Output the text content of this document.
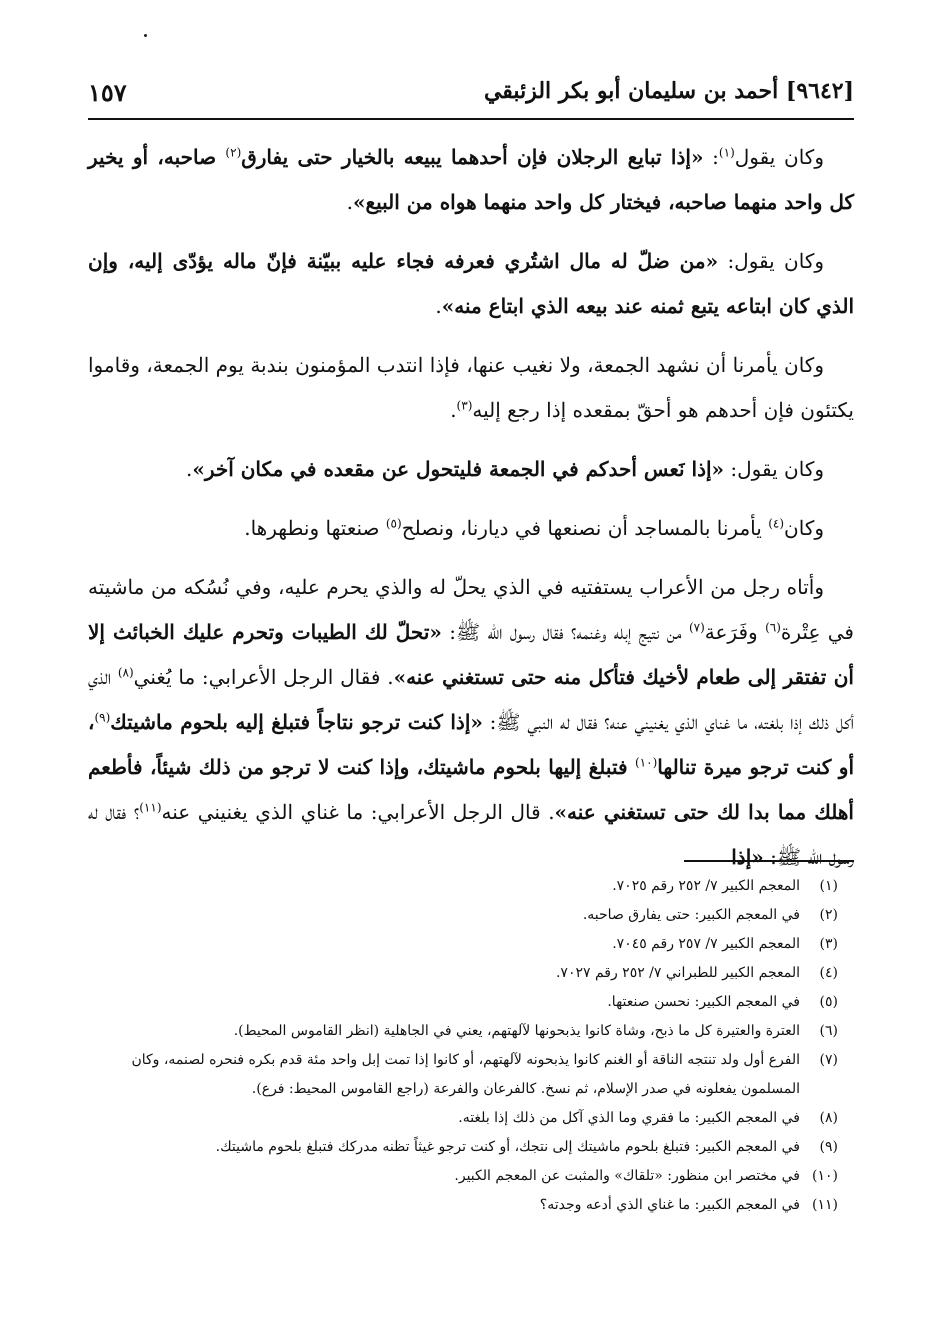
[٩٦٤٢] أحمد بن سليمان أبو بكر الزئبقي
١٥٧

وكان يقول$^{(١)}$: «إذا تبايع الرجلان فإن أحدهما يبيعه بالخيار حتى يفارق$^{(٢)}$ صاحبه، أو يخير كل واحد منهما صاحبه، فيختار كل واحد منهما هواه من البيع».

وكان يقول: «من ضلّ له مال اشتُري فعرفه فجاء عليه ببيّنة فإنّ ماله يؤدّى إليه، وإن الذي كان ابتاعه يتبع ثمنه عند بيعه الذي ابتاع منه».

وكان يأمرنا أن نشهد الجمعة، ولا نغيب عنها، فإذا انتدب المؤمنون بندبة يوم الجمعة، وقاموا يكتئون فإن أحدهم هو أحقّ بمقعده إذا رجع إليه$^{(٣)}$.

وكان يقول: «إذا نَعس أحدكم في الجمعة فليتحول عن مقعده في مكان آخر».

وكان$^{(٤)}$ يأمرنا بالمساجد أن نصنعها في ديارنا، ونصلح$^{(٥)}$ صنعتها ونطهرها.

وأتاه رجل من الأعراب يستفتيه في الذي يحلّ له والذي يحرم عليه، وفي نُسُكه من ماشيته في عِتْرة$^{(٦)}$ وفَرَعة$^{(٧)}$ من نتيج إبله وغنمه؟ فقال رسول الله ﷺ: «تحلّ لك الطيبات وتحرم عليك الخبائث إلا أن تفتقر إلى طعام لأخيك فتأكل منه حتى تستغني عنه». فقال الرجل الأعرابي: ما يُغني$^{(٨)}$ الذي أكل ذلك إذا بلغته، ما غناي الذي يغنيني عنه؟ فقال له النبي ﷺ: «إذا كنت ترجو نتاجاً فتبلغ إليه بلحوم ماشيتك$^{(٩)}$، أو كنت ترجو ميرة تنالها$^{(١٠)}$ فتبلغ إليها بلحوم ماشيتك، وإذا كنت لا ترجو من ذلك شيئاً، فأطعم أهلك مما بدا لك حتى تستغني عنه». قال الرجل الأعرابي: ما غناي الذي يغنيني عنه$^{(١١)}$؟ فقال له رسول الله ﷺ: «إذا

(١)
المعجم الكبير ٧/ ٢٥٢ رقم ٧٠٢٥.
(٢)
في المعجم الكبير: حتى يفارق صاحبه.
(٣)
المعجم الكبير ٧/ ٢٥٧ رقم ٧٠٤٥.
(٤)
المعجم الكبير للطبراني ٧/ ٢٥٢ رقم ٧٠٢٧.
(٥)
في المعجم الكبير: نحسن صنعتها.
(٦)
العترة والعتيرة كل ما ذبح، وشاة كانوا يذبحونها لآلهتهم، يعني في الجاهلية (انظر القاموس المحيط).
(٧)
الفرع أول ولد تنتجه الناقة أو الغنم كانوا يذبحونه لآلهتهم، أو كانوا إذا تمت إبل واحد مئة قدم بكره فنحره لصنمه، وكان المسلمون يفعلونه في صدر الإسلام، ثم نسخ. كالفرعان والفرعة (راجع القاموس المحيط: فرع).
(٨)
في المعجم الكبير: ما فقري وما الذي آكل من ذلك إذا بلغته.
(٩)
في المعجم الكبير: فتبلغ بلحوم ماشيتك إلى نتجك، أو كنت ترجو غيثاً تظنه مدركك فتبلغ بلحوم ماشيتك.
(١٠)
في مختصر ابن منظور: «تلقاك» والمثبت عن المعجم الكبير.
(١١)
في المعجم الكبير: ما غناي الذي أدعه وجدته؟
